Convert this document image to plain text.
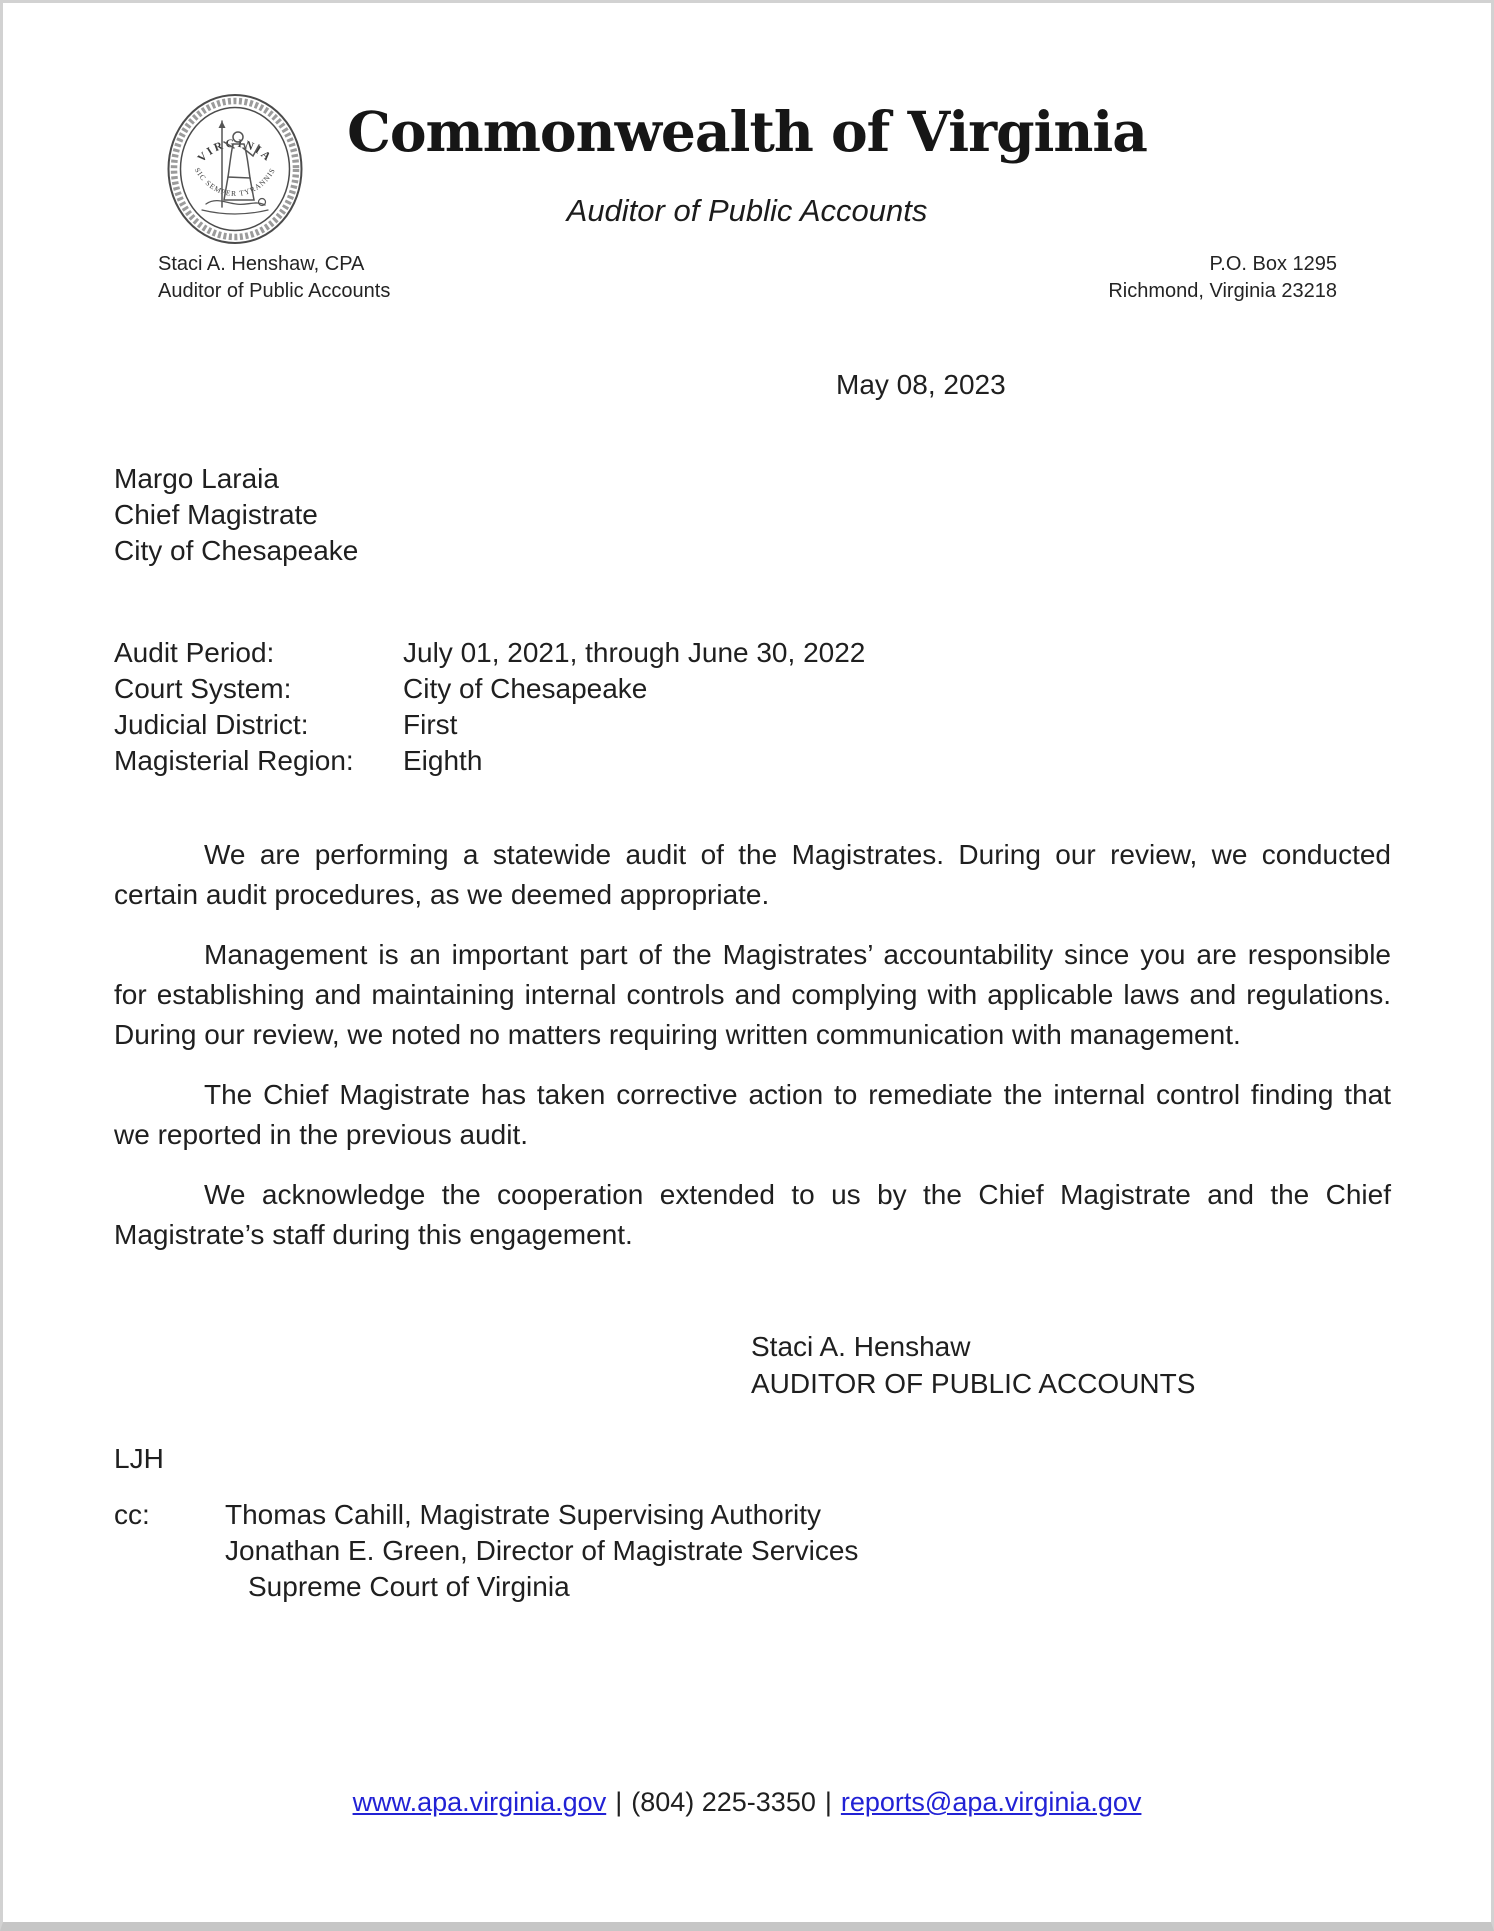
VIRGINIA
SIC SEMPER TYRANNIS
Commonwealth of Virginia
Auditor of Public Accounts
Staci A. Henshaw, CPA
Auditor of Public Accounts
P.O. Box 1295
Richmond, Virginia 23218
May 08, 2023
Margo Laraia
Chief Magistrate
City of Chesapeake
Audit Period:	July 01, 2021, through June 30, 2022
Court System:	City of Chesapeake
Judicial District:	First
Magisterial Region:	Eighth

We are performing a statewide audit of the Magistrates. During our review, we conducted certain audit procedures, as we deemed appropriate.

Management is an important part of the Magistrates’ accountability since you are responsible for establishing and maintaining internal controls and complying with applicable laws and regulations. During our review, we noted no matters requiring written communication with management.

The Chief Magistrate has taken corrective action to remediate the internal control finding that we reported in the previous audit.

We acknowledge the cooperation extended to us by the Chief Magistrate and the Chief Magistrate’s staff during this engagement.

Staci A. Henshaw
AUDITOR OF PUBLIC ACCOUNTS
LJH
cc:	Thomas Cahill, Magistrate Supervising Authority
Jonathan E. Green, Director of Magistrate Services
Supreme Court of Virginia
www.apa.virginia.gov | (804) 225-3350 | reports@apa.virginia.gov
